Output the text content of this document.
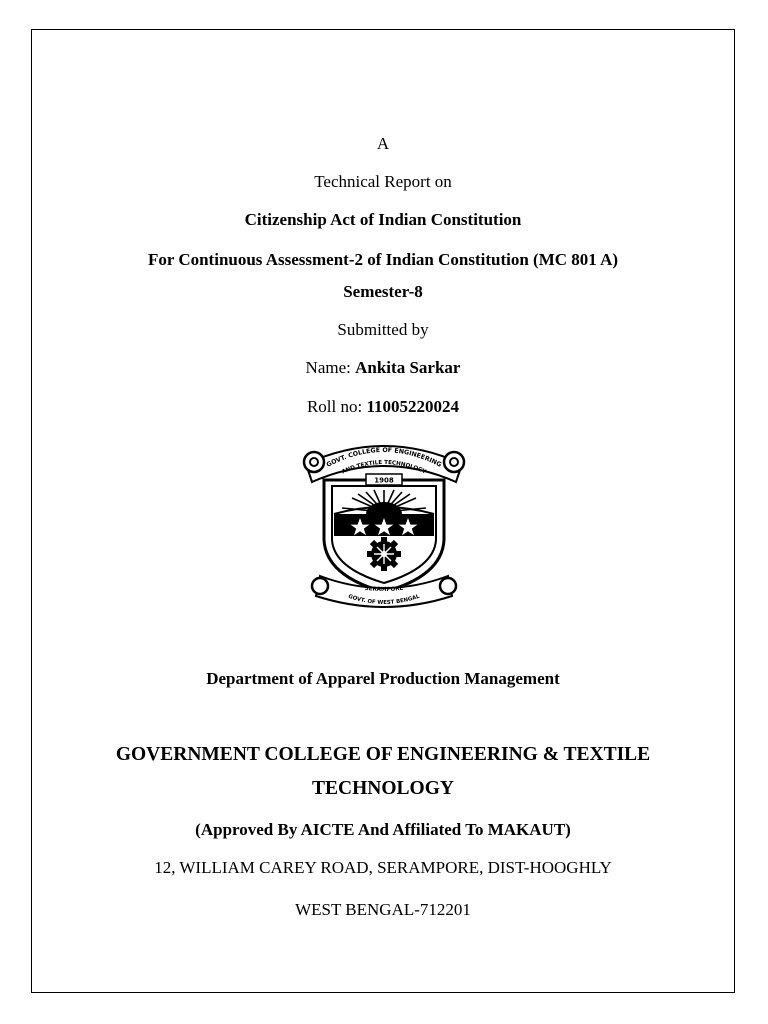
A
Technical Report on
Citizenship Act of Indian Constitution
For Continuous Assessment-2 of Indian Constitution (MC 801 A)
Semester-8
Submitted by
Name: Ankita Sarkar
Roll no: 11005220024
GOVT. COLLEGE OF ENGINEERING
AND TEXTILE TECHNOLOGY
1908
SERAMPORE
GOVT. OF WEST BENGAL
Department of Apparel Production Management
GOVERNMENT COLLEGE OF ENGINEERING & TEXTILE
TECHNOLOGY
(Approved By AICTE And Affiliated To MAKAUT)
12, WILLIAM CAREY ROAD, SERAMPORE, DIST-HOOGHLY
WEST BENGAL-712201
